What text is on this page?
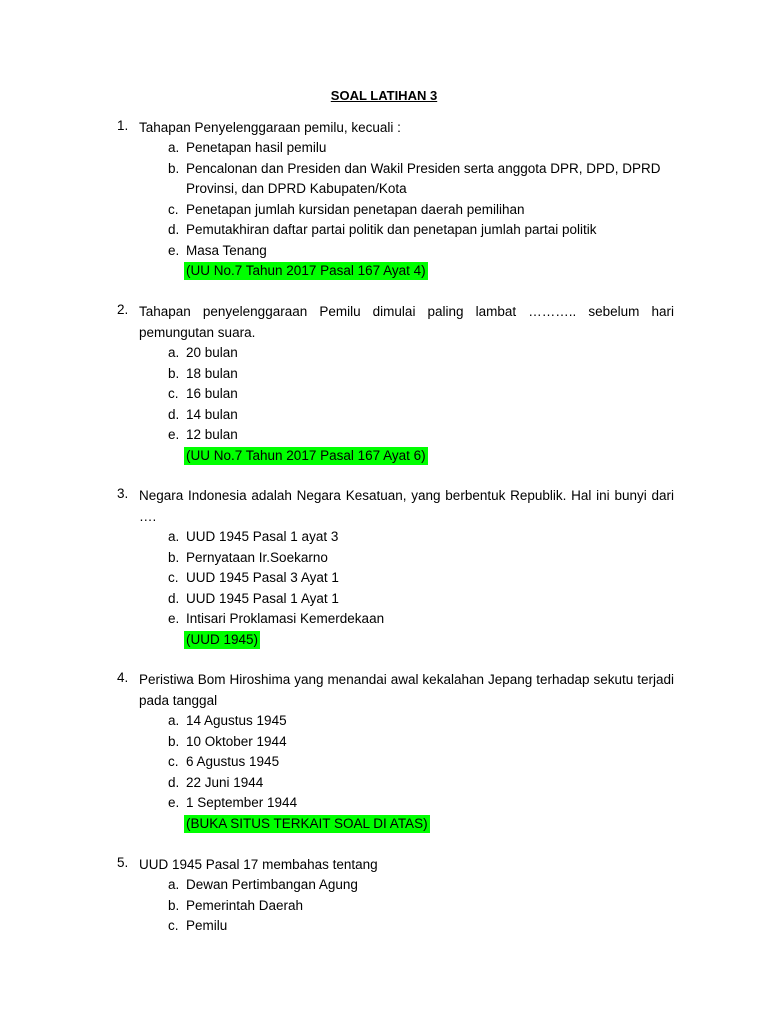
SOAL LATIHAN 3
1. Tahapan Penyelenggaraan pemilu, kecuali :
a. Penetapan hasil pemilu
b. Pencalonan dan Presiden dan Wakil Presiden serta anggota DPR, DPD, DPRD Provinsi, dan DPRD Kabupaten/Kota
c. Penetapan jumlah kursidan penetapan daerah pemilihan
d. Pemutakhiran daftar partai politik dan penetapan jumlah partai politik
e. Masa Tenang
(UU No.7 Tahun 2017 Pasal 167 Ayat 4)
2. Tahapan penyelenggaraan Pemilu dimulai paling lambat ……….. sebelum hari pemungutan suara.
a. 20 bulan
b. 18 bulan
c. 16 bulan
d. 14 bulan
e. 12 bulan
(UU No.7 Tahun 2017 Pasal 167 Ayat 6)
3. Negara Indonesia adalah Negara Kesatuan, yang berbentuk Republik. Hal ini bunyi dari ….
a. UUD 1945 Pasal 1 ayat 3
b. Pernyataan Ir.Soekarno
c. UUD 1945 Pasal 3 Ayat 1
d. UUD 1945 Pasal 1 Ayat 1
e. Intisari Proklamasi Kemerdekaan
(UUD 1945)
4. Peristiwa Bom Hiroshima yang menandai awal kekalahan Jepang terhadap sekutu terjadi pada tanggal
a. 14 Agustus 1945
b. 10 Oktober 1944
c. 6 Agustus 1945
d. 22 Juni 1944
e. 1 September 1944
(BUKA SITUS TERKAIT SOAL DI ATAS)
5. UUD 1945 Pasal 17 membahas tentang
a. Dewan Pertimbangan Agung
b. Pemerintah Daerah
c. Pemilu
